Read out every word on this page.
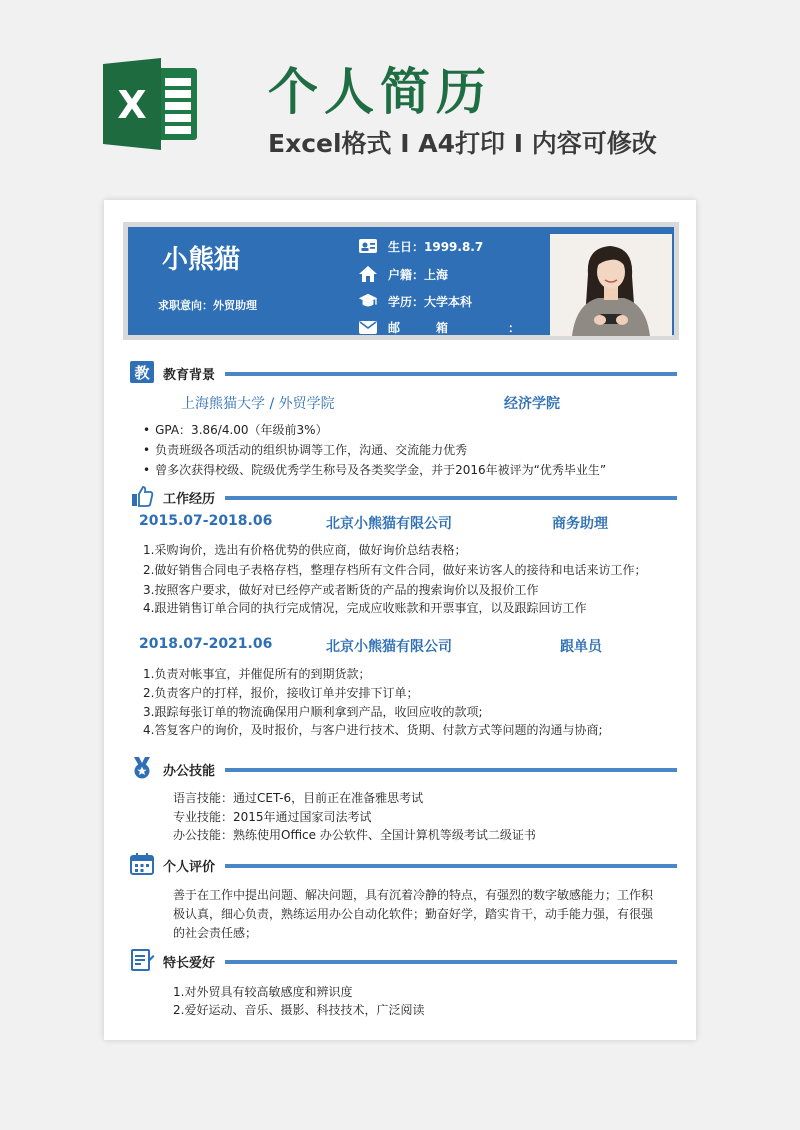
X 个人简历
Excel格式 Ⅰ A4打印 Ⅰ 内容可修改
小熊猫
求职意向：外贸助理
生日：1999.8.7
户籍：上海
学历：大学本科
邮　　　箱　　　　　：
教 教育背景
上海熊猫大学 / 外贸学院	经济学院
• GPA：3.86/4.00（年级前3%）
• 负责班级各项活动的组织协调等工作，沟通、交流能力优秀
• 曾多次获得校级、院级优秀学生称号及各类奖学金，并于2016年被评为“优秀毕业生”
工作经历
2015.07-2018.06	北京小熊猫有限公司	商务助理
1.采购询价，选出有价格优势的供应商，做好询价总结表格；
2.做好销售合同电子表格存档，整理存档所有文件合同，做好来访客人的接待和电话来访工作；
3.按照客户要求，做好对已经停产或者断货的产品的搜索询价以及报价工作
4.跟进销售订单合同的执行完成情况，完成应收账款和开票事宜，以及跟踪回访工作
2018.07-2021.06	北京小熊猫有限公司	跟单员
1.负责对帐事宜，并催促所有的到期货款；
2.负责客户的打样，报价，接收订单并安排下订单；
3.跟踪每张订单的物流确保用户顺利拿到产品，收回应收的款项;
4.答复客户的询价，及时报价，与客户进行技术、货期、付款方式等问题的沟通与协商;
办公技能
语言技能：通过CET-6，目前正在准备雅思考试
专业技能：2015年通过国家司法考试
办公技能：熟练使用Office 办公软件、全国计算机等级考试二级证书
个人评价
善于在工作中提出问题、解决问题，具有沉着冷静的特点，有强烈的数字敏感能力；工作积
极认真，细心负责，熟练运用办公自动化软件；勤奋好学，踏实肯干，动手能力强，有很强
的社会责任感；
特长爱好
1.对外贸具有较高敏感度和辨识度
2.爱好运动、音乐、摄影、科技技术，广泛阅读
